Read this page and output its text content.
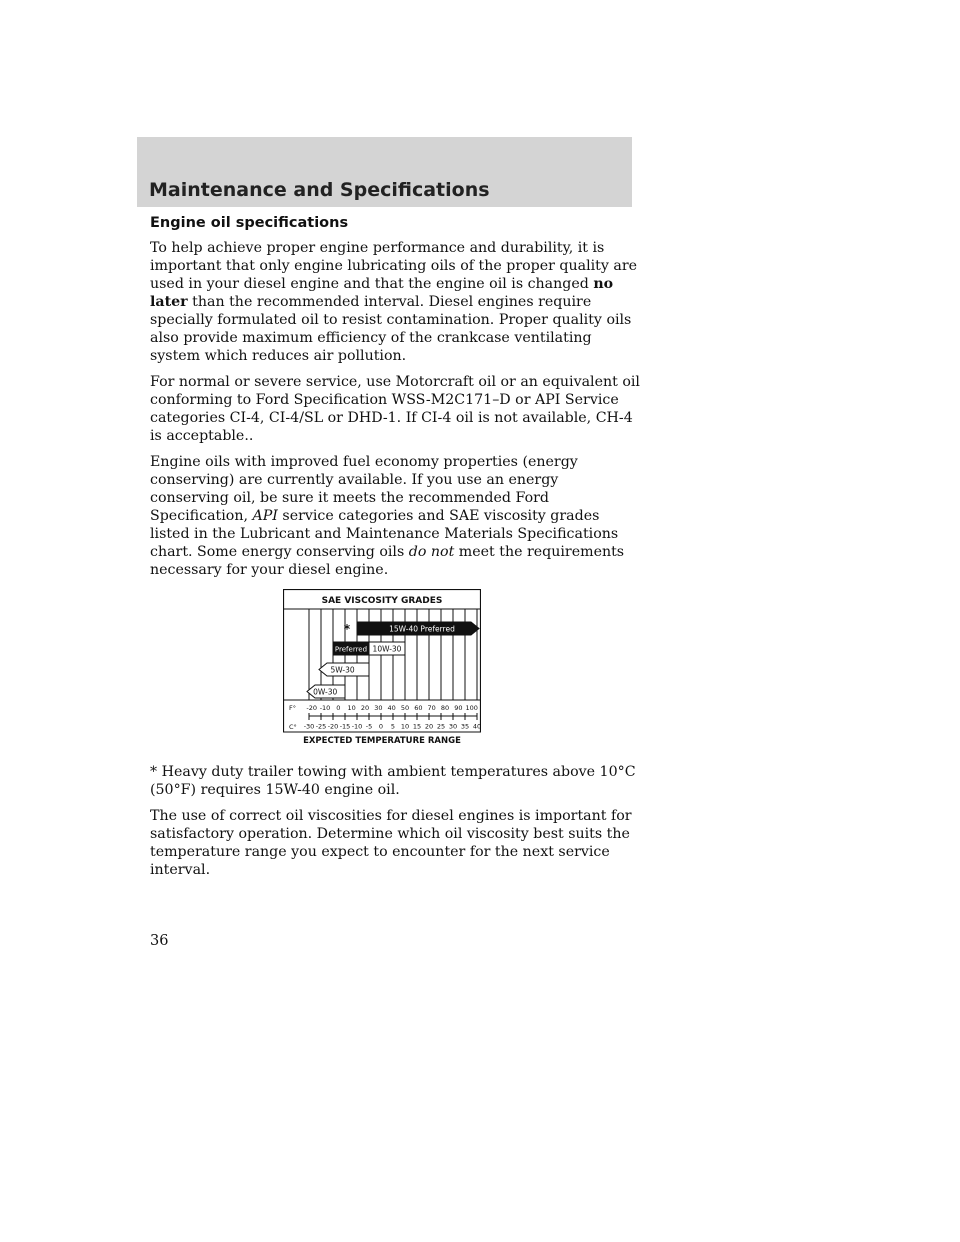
Maintenance and Specifications
Engine oil specifications

To help achieve proper engine performance and durability, it is important that only engine lubricating oils of the proper quality are used in your diesel engine and that the engine oil is changed no later than the recommended interval. Diesel engines require specially formulated oil to resist contamination. Proper quality oils also provide maximum efficiency of the crankcase ventilating system which reduces air pollution.

For normal or severe service, use Motorcraft oil or an equivalent oil conforming to Ford Specification WSS-M2C171–D or API Service categories CI-4, CI-4/SL or DHD-1. If CI-4 oil is not available, CH-4 is acceptable..

Engine oils with improved fuel economy properties (energy conserving) are currently available. If you use an energy conserving oil, be sure it meets the recommended Ford Specification, API service categories and SAE viscosity grades listed in the Lubricant and Maintenance Materials Specifications chart. Some energy conserving oils do not meet the requirements necessary for your diesel engine.

SAE VISCOSITY GRADES
15W-40 Preferred
*
Preferred 10W-30
5W-30
0W-30
F°
C°
-20 -10 0 10 20 30 40 50 60 70 80 90 100
-30 -25 -20 -15 -10 -5 0 5 10 15 20 25 30 35 40
EXPECTED TEMPERATURE RANGE

* Heavy duty trailer towing with ambient temperatures above 10°C (50°F) requires 15W-40 engine oil.

The use of correct oil viscosities for diesel engines is important for satisfactory operation. Determine which oil viscosity best suits the temperature range you expect to encounter for the next service interval.

36
